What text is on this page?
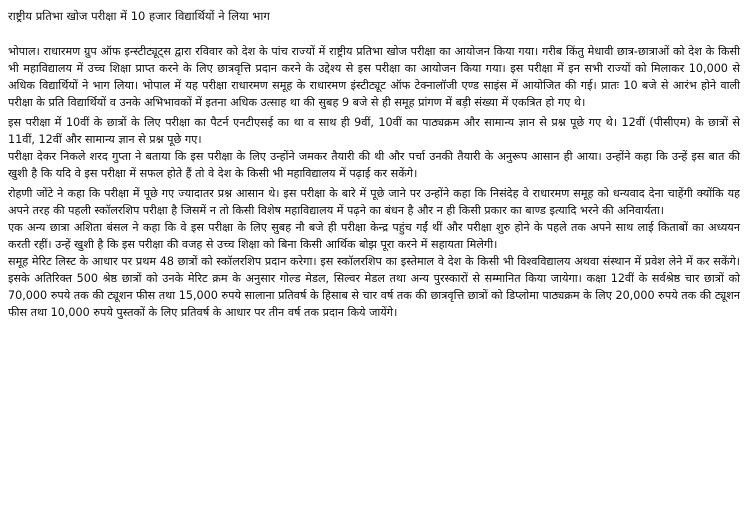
राष्ट्रीय प्रतिभा खोज परीक्षा में 10 हजार विद्यार्थियों ने लिया भाग

भोपाल। राधारमण ग्रुप ऑफ इन्स्टीट्यूट्स द्वारा रविवार को देश के पांच राज्यों में राष्ट्रीय प्रतिभा खोज परीक्षा का आयोजन किया गया। गरीब किंतु मेधावी छात्र-छात्राओं को देश के किसी भी महाविद्यालय में उच्च शिक्षा प्राप्त करने के लिए छात्रवृत्ति प्रदान करने के उद्देश्य से इस परीक्षा का आयोजन किया गया। इस परीक्षा में इन सभी राज्यों को मिलाकर 10,000 से अधिक विद्यार्थियों ने भाग लिया। भोपाल में यह परीक्षा राधारमण समूह के राधारमण इंस्टीट्यूट ऑफ टेक्नालॉजी एण्ड साइंस में आयोजित की गई। प्रातः 10 बजे से आरंभ होने वाली परीक्षा के प्रति विद्यार्थियों व उनके अभिभावकों में इतना अधिक उत्साह था की सुबह 9 बजे से ही समूह प्रांगण में बड़ी संख्या में एकत्रित हो गए थे।

इस परीक्षा में 10वीं के छात्रों के लिए परीक्षा का पैटर्न एनटीएसई का था व साथ ही 9वीं, 10वीं का पाठ्यक्रम और सामान्य ज्ञान से प्रश्न पूछे गए थे। 12वीं (पीसीएम) के छात्रों से 11वीं, 12वीं और सामान्य ज्ञान से प्रश्न पूछे गए।

परीक्षा देकर निकले शरद गुप्ता ने बताया कि इस परीक्षा के लिए उन्होंने जमकर तैयारी की थी और पर्चा उनकी तैयारी के अनुरूप आसान ही आया। उन्होंने कहा कि उन्हें इस बात की खुशी है कि यदि वे इस परीक्षा में सफल होते हैं तो वे देश के किसी भी महाविद्यालय में पढ़ाई कर सकेंगे।

रोहणी जोंटे ने कहा कि परीक्षा में पूछे गए ज्यादातर प्रश्न आसान थे। इस परीक्षा के बारे में पूछे जाने पर उन्होंने कहा कि निसंदेह वे राधारमण समूह को धन्यवाद देना चाहेंगी क्योंकि यह अपने तरह की पहली स्कॉलरशिप परीक्षा है जिसमें न तो किसी विशेष महाविद्यालय में पढ़ने का बंधन है और न ही किसी प्रकार का बाण्ड इत्यादि भरने की अनिवार्यता।

एक अन्य छात्रा अशिता बंसल ने कहा कि वे इस परीक्षा के लिए सुबह नौ बजे ही परीक्षा केन्द्र पहुंच गईं थीं और परीक्षा शुरु होने के पहले तक अपने साथ लाई किताबों का अध्ययन करती रहीं। उन्हें खुशी है कि इस परीक्षा की वजह से उच्च शिक्षा को बिना किसी आर्थिक बोझ पूरा करने में सहायता मिलेगी।

समूह मेरिट लिस्ट के आधार पर प्रथम 48 छात्रों को स्कॉलरशिप प्रदान करेगा। इस स्कॉलरशिप का इस्तेमाल वे देश के किसी भी विश्वविद्यालय अथवा संस्थान में प्रवेश लेने में कर सकेंगे। इसके अतिरिक्त 500 श्रेष्ठ छात्रों को उनके मेरिट क्रम के अनुसार गोल्ड मेडल, सिल्वर मेडल तथा अन्य पुरस्कारों से सम्मानित किया जायेगा। कक्षा 12वीं के सर्वश्रेष्ठ चार छात्रों को 70,000 रुपये तक की ट्यूशन फीस तथा 15,000 रुपये सालाना प्रतिवर्ष के हिसाब से चार वर्ष तक की छात्रवृत्ति छात्रों को डिप्लोमा पाठ्यक्रम के लिए 20,000 रुपये तक की ट्यूशन फीस तथा 10,000 रुपये पुस्तकों के लिए प्रतिवर्ष के आधार पर तीन वर्ष तक प्रदान किये जायेंगे।
